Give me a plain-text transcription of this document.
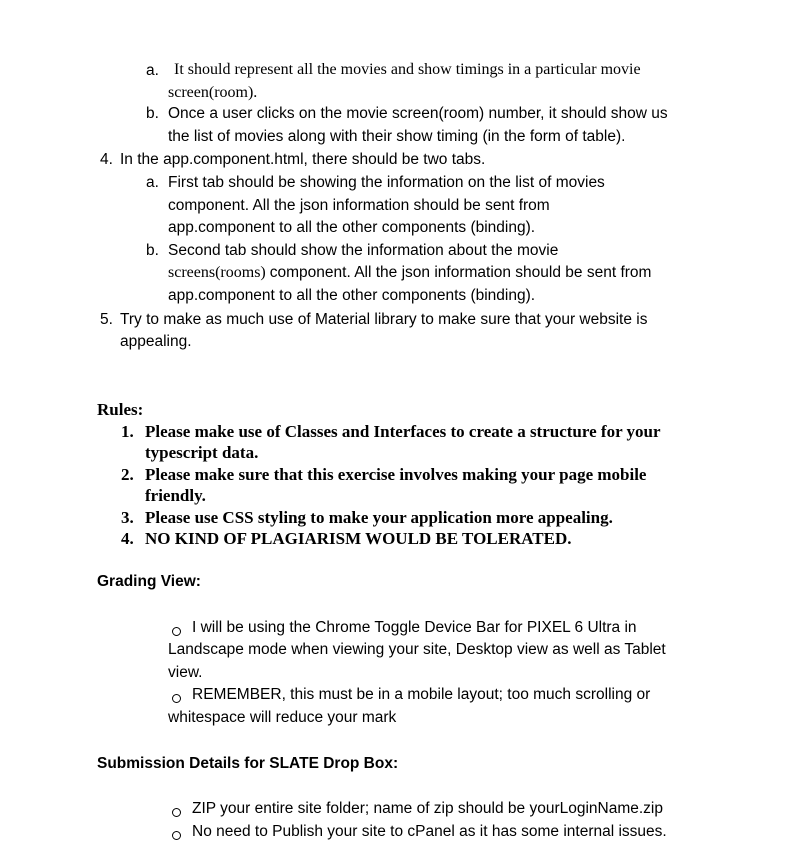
a. It should represent all the movies and show timings in a particular movie
screen(room).
b. Once a user clicks on the movie screen(room) number, it should show us
the list of movies along with their show timing (in the form of table).
4. In the app.component.html, there should be two tabs.
a. First tab should be showing the information on the list of movies
component. All the json information should be sent from
app.component to all the other components (binding).
b. Second tab should show the information about the movie
screens(rooms) component. All the json information should be sent from
app.component to all the other components (binding).
5. Try to make as much use of Material library to make sure that your website is
appealing.
Rules:
1. Please make use of Classes and Interfaces to create a structure for your
typescript data.
2. Please make sure that this exercise involves making your page mobile
friendly.
3. Please use CSS styling to make your application more appealing.
4. NO KIND OF PLAGIARISM WOULD BE TOLERATED.
Grading View:
I will be using the Chrome Toggle Device Bar for PIXEL 6 Ultra in
Landscape mode when viewing your site, Desktop view as well as Tablet
view.
REMEMBER, this must be in a mobile layout; too much scrolling or
whitespace will reduce your mark
Submission Details for SLATE Drop Box:
ZIP your entire site folder; name of zip should be yourLoginName.zip
No need to Publish your site to cPanel as it has some internal issues.
